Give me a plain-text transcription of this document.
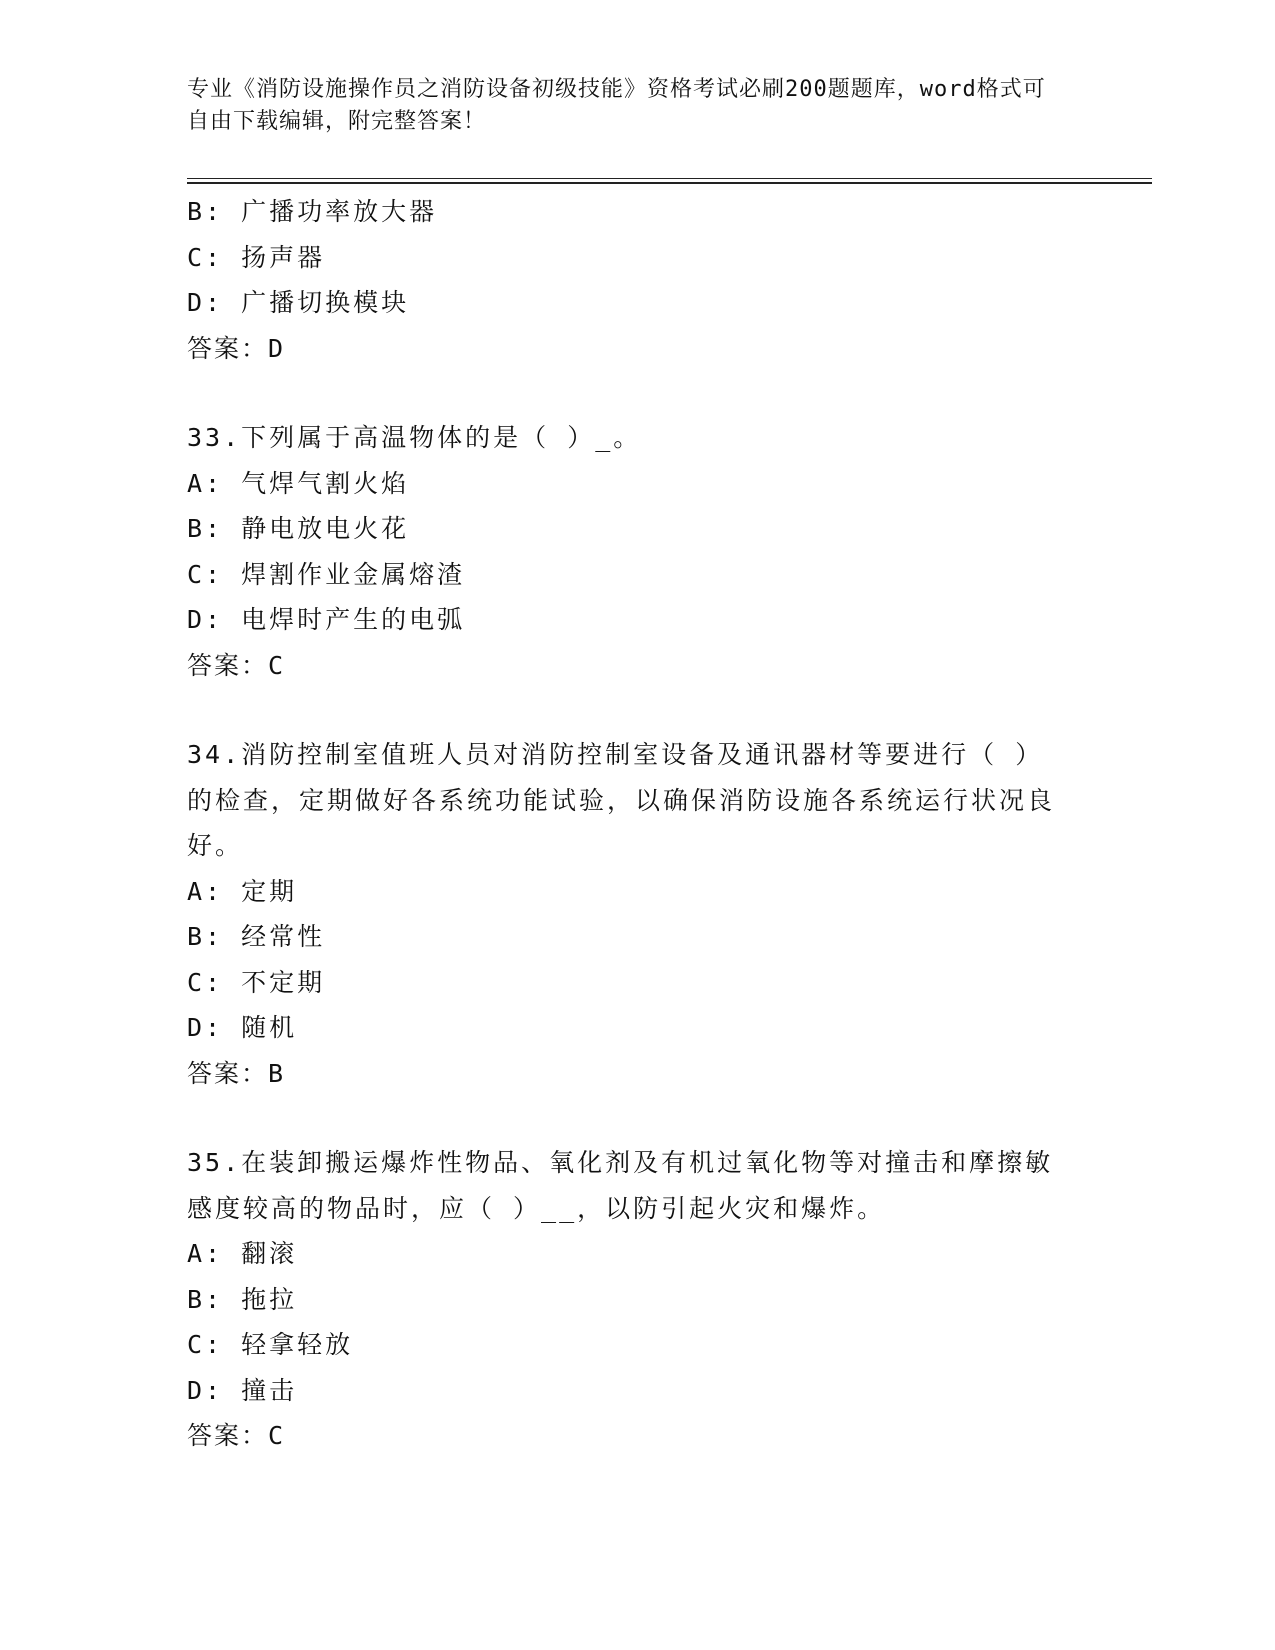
专业《消防设施操作员之消防设备初级技能》资格考试必刷200题题库，word格式可自由下载编辑，附完整答案！
B: 广播功率放大器
C: 扬声器
D: 广播切换模块
答案：D
33.下列属于高温物体的是（ ）_。
A: 气焊气割火焰
B: 静电放电火花
C: 焊割作业金属熔渣
D: 电焊时产生的电弧
答案：C
34.消防控制室值班人员对消防控制室设备及通讯器材等要进行（ ）的检查，定期做好各系统功能试验，以确保消防设施各系统运行状况良好。
A: 定期
B: 经常性
C: 不定期
D: 随机
答案：B
35.在装卸搬运爆炸性物品、氧化剂及有机过氧化物等对撞击和摩擦敏感度较高的物品时，应（ ）__，以防引起火灾和爆炸。
A: 翻滚
B: 拖拉
C: 轻拿轻放
D: 撞击
答案：C
